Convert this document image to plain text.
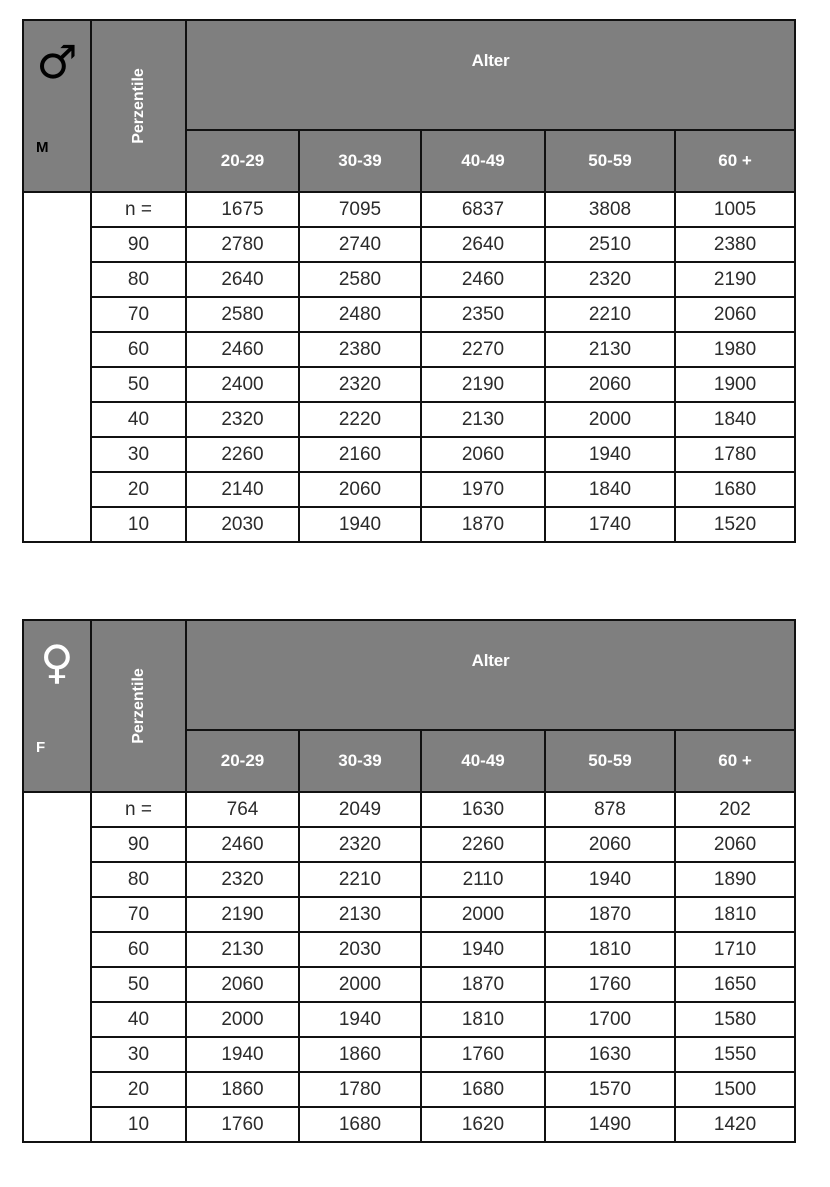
♂
M	Perzentile	Alter				
		20-29	30-39	40-49	50-59	60 +
	n =	1675	7095	6837	3808	1005
	90	2780	2740	2640	2510	2380
	80	2640	2580	2460	2320	2190
	70	2580	2480	2350	2210	2060
	60	2460	2380	2270	2130	1980
	50	2400	2320	2190	2060	1900
	40	2320	2220	2130	2000	1840
	30	2260	2160	2060	1940	1780
	20	2140	2060	1970	1840	1680
	10	2030	1940	1870	1740	1520
♀
F	Perzentile	Alter				
		20-29	30-39	40-49	50-59	60 +
	n =	764	2049	1630	878	202
	90	2460	2320	2260	2060	2060
	80	2320	2210	2110	1940	1890
	70	2190	2130	2000	1870	1810
	60	2130	2030	1940	1810	1710
	50	2060	2000	1870	1760	1650
	40	2000	1940	1810	1700	1580
	30	1940	1860	1760	1630	1550
	20	1860	1780	1680	1570	1500
	10	1760	1680	1620	1490	1420
